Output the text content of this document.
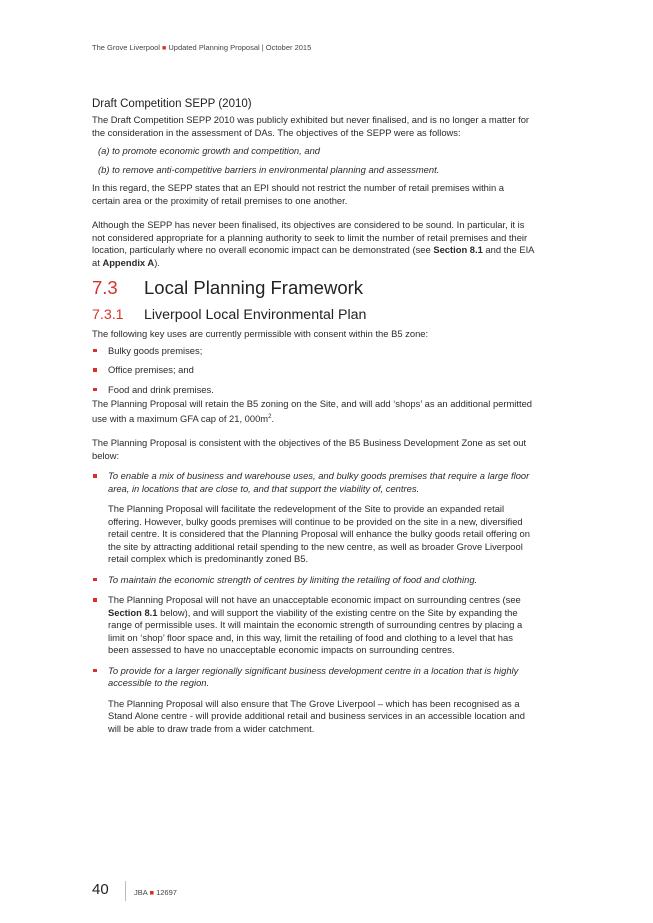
The Grove Liverpool ■ Updated Planning Proposal | October 2015
Draft Competition SEPP (2010)

The Draft Competition SEPP 2010 was publicly exhibited but never finalised, and is no longer a matter for the consideration in the assessment of DAs. The objectives of the SEPP were as follows:

(a) to promote economic growth and competition, and
(b) to remove anti-competitive barriers in environmental planning and assessment.

In this regard, the SEPP states that an EPI should not restrict the number of retail premises within a certain area or the proximity of retail premises to one another.

Although the SEPP has never been finalised, its objectives are considered to be sound. In particular, it is not considered appropriate for a planning authority to seek to limit the number of retail premises and their location, particularly where no overall economic impact can be demonstrated (see Section 8.1 and the EIA at Appendix A).

7.3 Local Planning Framework
7.3.1 Liverpool Local Environmental Plan

The following key uses are currently permissible with consent within the B5 zone:

Bulky goods premises;
Office premises; and
Food and drink premises.

The Planning Proposal will retain the B5 zoning on the Site, and will add ‘shops’ as an additional permitted use with a maximum GFA cap of 21, $000m^2$.

The Planning Proposal is consistent with the objectives of the B5 Business Development Zone as set out below:

To enable a mix of business and warehouse uses, and bulky goods premises that require a large floor area, in locations that are close to, and that support the viability of, centres.
The Planning Proposal will facilitate the redevelopment of the Site to provide an expanded retail offering. However, bulky goods premises will continue to be provided on the site in a new, diversified retail centre. It is considered that the Planning Proposal will enhance the bulky goods retail offering on the site by attracting additional retail spending to the new centre, as well as broader Grove Liverpool retail complex which is predominantly zoned B5.
To maintain the economic strength of centres by limiting the retailing of food and clothing.
The Planning Proposal will not have an unacceptable economic impact on surrounding centres (see Section 8.1 below), and will support the viability of the existing centre on the Site by expanding the range of permissible uses. It will maintain the economic strength of surrounding centres by placing a limit on ‘shop’ floor space and, in this way, limit the retailing of food and clothing to a level that has been assessed to have no unacceptable economic impacts on surrounding centres.
To provide for a larger regionally significant business development centre in a location that is highly accessible to the region.
The Planning Proposal will also ensure that The Grove Liverpool – which has been recognised as a Stand Alone centre - will provide additional retail and business services in an accessible location and will be able to draw trade from a wider catchment.
40	JBA ■ 12697
